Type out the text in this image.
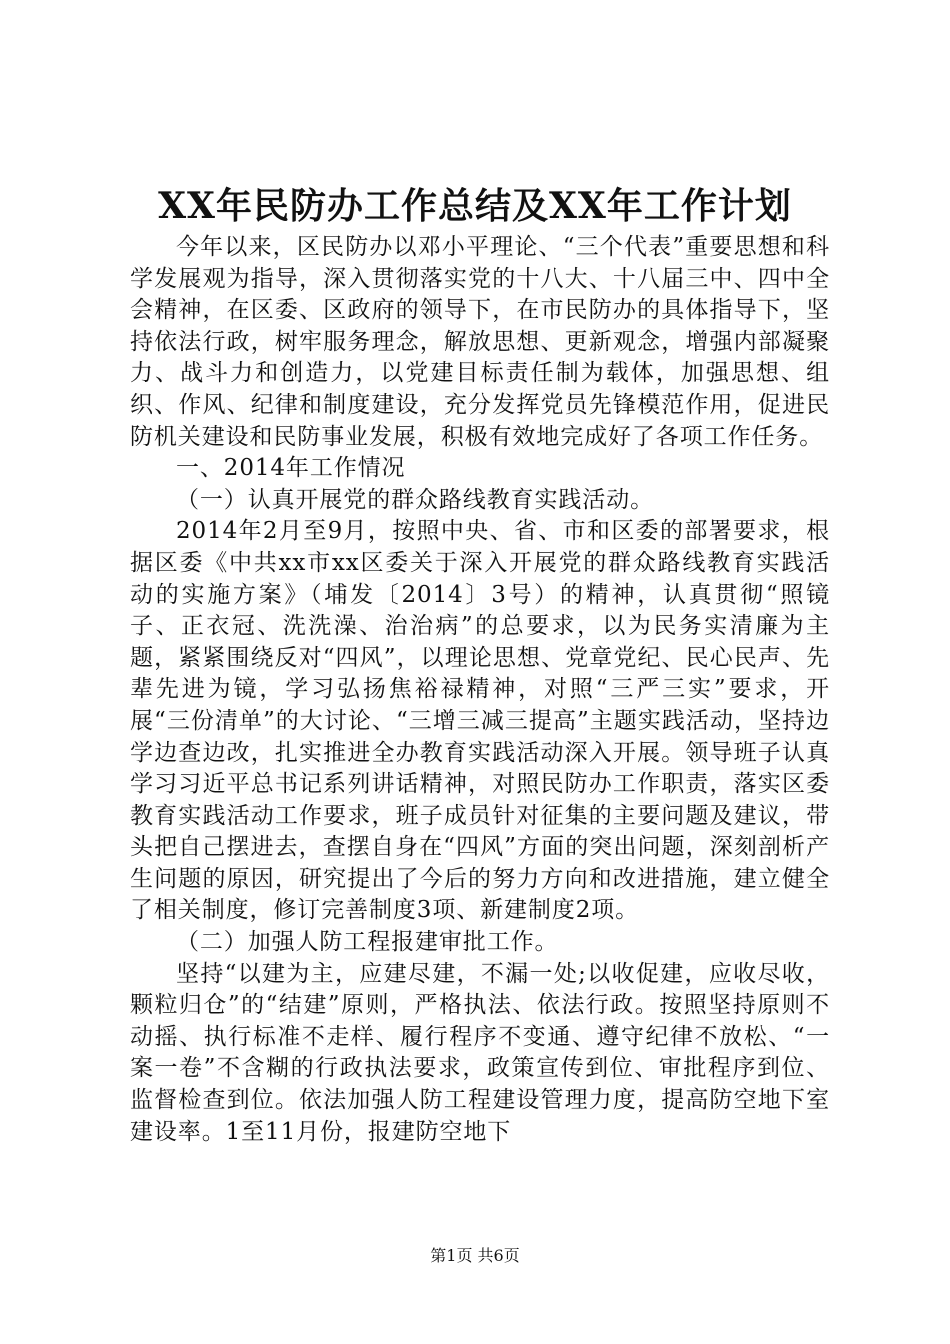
XX年民防办工作总结及XX年工作计划

今年以来，区民防办以邓小平理论、“三个代表”重要思想和科学发展观为指导，深入贯彻落实党的十八大、十八届三中、四中全会精神，在区委、区政府的领导下，在市民防办的具体指导下，坚持依法行政，树牢服务理念，解放思想、更新观念，增强内部凝聚力、战斗力和创造力，以党建目标责任制为载体，加强思想、组织、作风、纪律和制度建设，充分发挥党员先锋模范作用，促进民防机关建设和民防事业发展，积极有效地完成好了各项工作任务。

一、2014年工作情况

（一）认真开展党的群众路线教育实践活动。

2014年2月至9月，按照中央、省、市和区委的部署要求，根据区委《中共xx市xx区委关于深入开展党的群众路线教育实践活动的实施方案》（埔发〔2014〕3号）的精神，认真贯彻“照镜子、正衣冠、洗洗澡、治治病”的总要求，以为民务实清廉为主题，紧紧围绕反对“四风”，以理论思想、党章党纪、民心民声、先辈先进为镜，学习弘扬焦裕禄精神，对照“三严三实”要求，开展“三份清单”的大讨论、“三增三减三提高”主题实践活动，坚持边学边查边改，扎实推进全办教育实践活动深入开展。领导班子认真学习习近平总书记系列讲话精神，对照民防办工作职责，落实区委教育实践活动工作要求，班子成员针对征集的主要问题及建议，带头把自己摆进去，查摆自身在“四风”方面的突出问题，深刻剖析产生问题的原因，研究提出了今后的努力方向和改进措施，建立健全了相关制度，修订完善制度3项、新建制度2项。

（二）加强人防工程报建审批工作。

坚持“以建为主，应建尽建，不漏一处;以收促建，应收尽收，颗粒归仓”的“结建”原则，严格执法、依法行政。按照坚持原则不动摇、执行标准不走样、履行程序不变通、遵守纪律不放松、“一案一卷”不含糊的行政执法要求，政策宣传到位、审批程序到位、监督检查到位。依法加强人防工程建设管理力度，提高防空地下室建设率。1至11月份，报建防空地下

第1页 共6页
